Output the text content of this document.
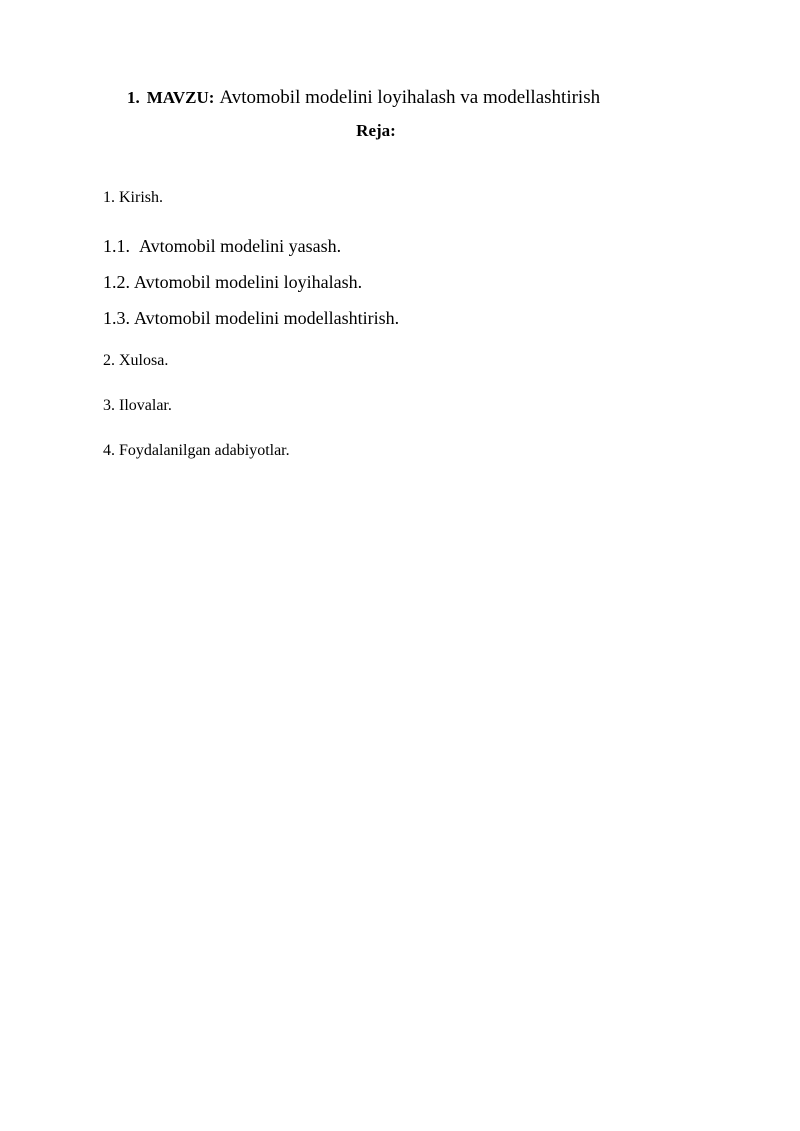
1. MAVZU: Avtomobil modelini loyihalash va modellashtirish
Reja:
1. Kirish.
1.1. Avtomobil modelini yasash.
1.2. Avtomobil modelini loyihalash.
1.3. Avtomobil modelini modellashtirish.
2. Xulosa.
3. Ilovalar.
4. Foydalanilgan adabiyotlar.
